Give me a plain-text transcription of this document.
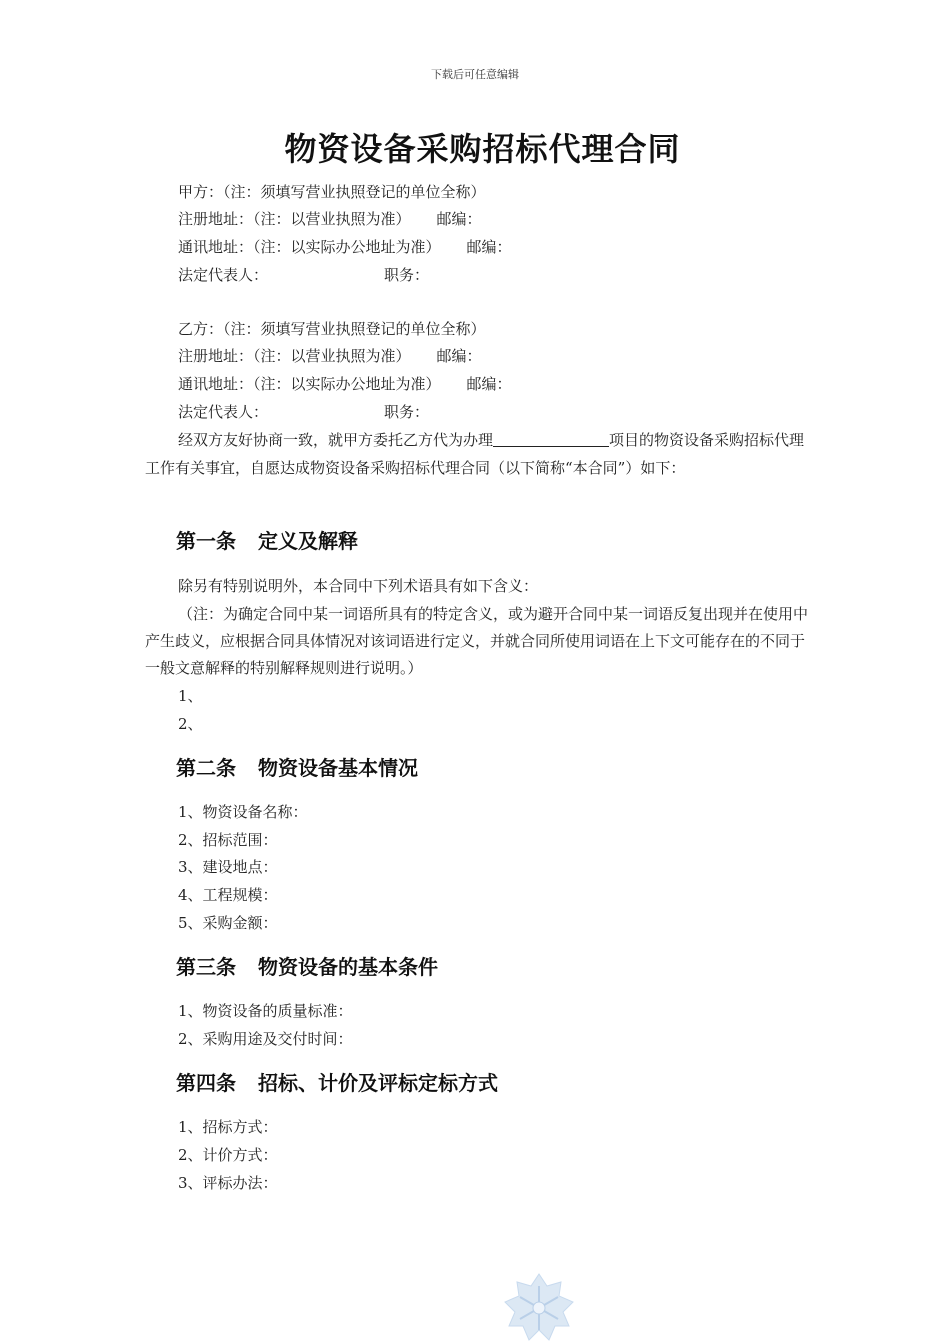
下载后可任意编辑
物资设备采购招标代理合同
甲方：（注：须填写营业执照登记的单位全称）
注册地址：（注：以营业执照为准） 邮编：
通讯地址：（注：以实际办公地址为准） 邮编：
法定代表人：	职务：
乙方：（注：须填写营业执照登记的单位全称）
注册地址：（注：以营业执照为准） 邮编：
通讯地址：（注：以实际办公地址为准） 邮编：
法定代表人：	职务：

经双方友好协商一致，就甲方委托乙方代为办理	项目的物资设备采购招标代理工作有关事宜，自愿达成物资设备采购招标代理合同（以下简称“本合同”）如下：

第一条 定义及解释
除另有特别说明外，本合同中下列术语具有如下含义：

（注：为确定合同中某一词语所具有的特定含义，或为避开合同中某一词语反复出现并在使用中产生歧义，应根据合同具体情况对该词语进行定义，并就合同所使用词语在上下文可能存在的不同于一般文意解释的特别解释规则进行说明。）

1、
2、
第二条 物资设备基本情况
1、物资设备名称：
2、招标范围：
3、建设地点：
4、工程规模：
5、采购金额：
第三条 物资设备的基本条件
1、物资设备的质量标准：
2、采购用途及交付时间：
第四条 招标、计价及评标定标方式
1、招标方式：
2、计价方式：
3、评标办法：
